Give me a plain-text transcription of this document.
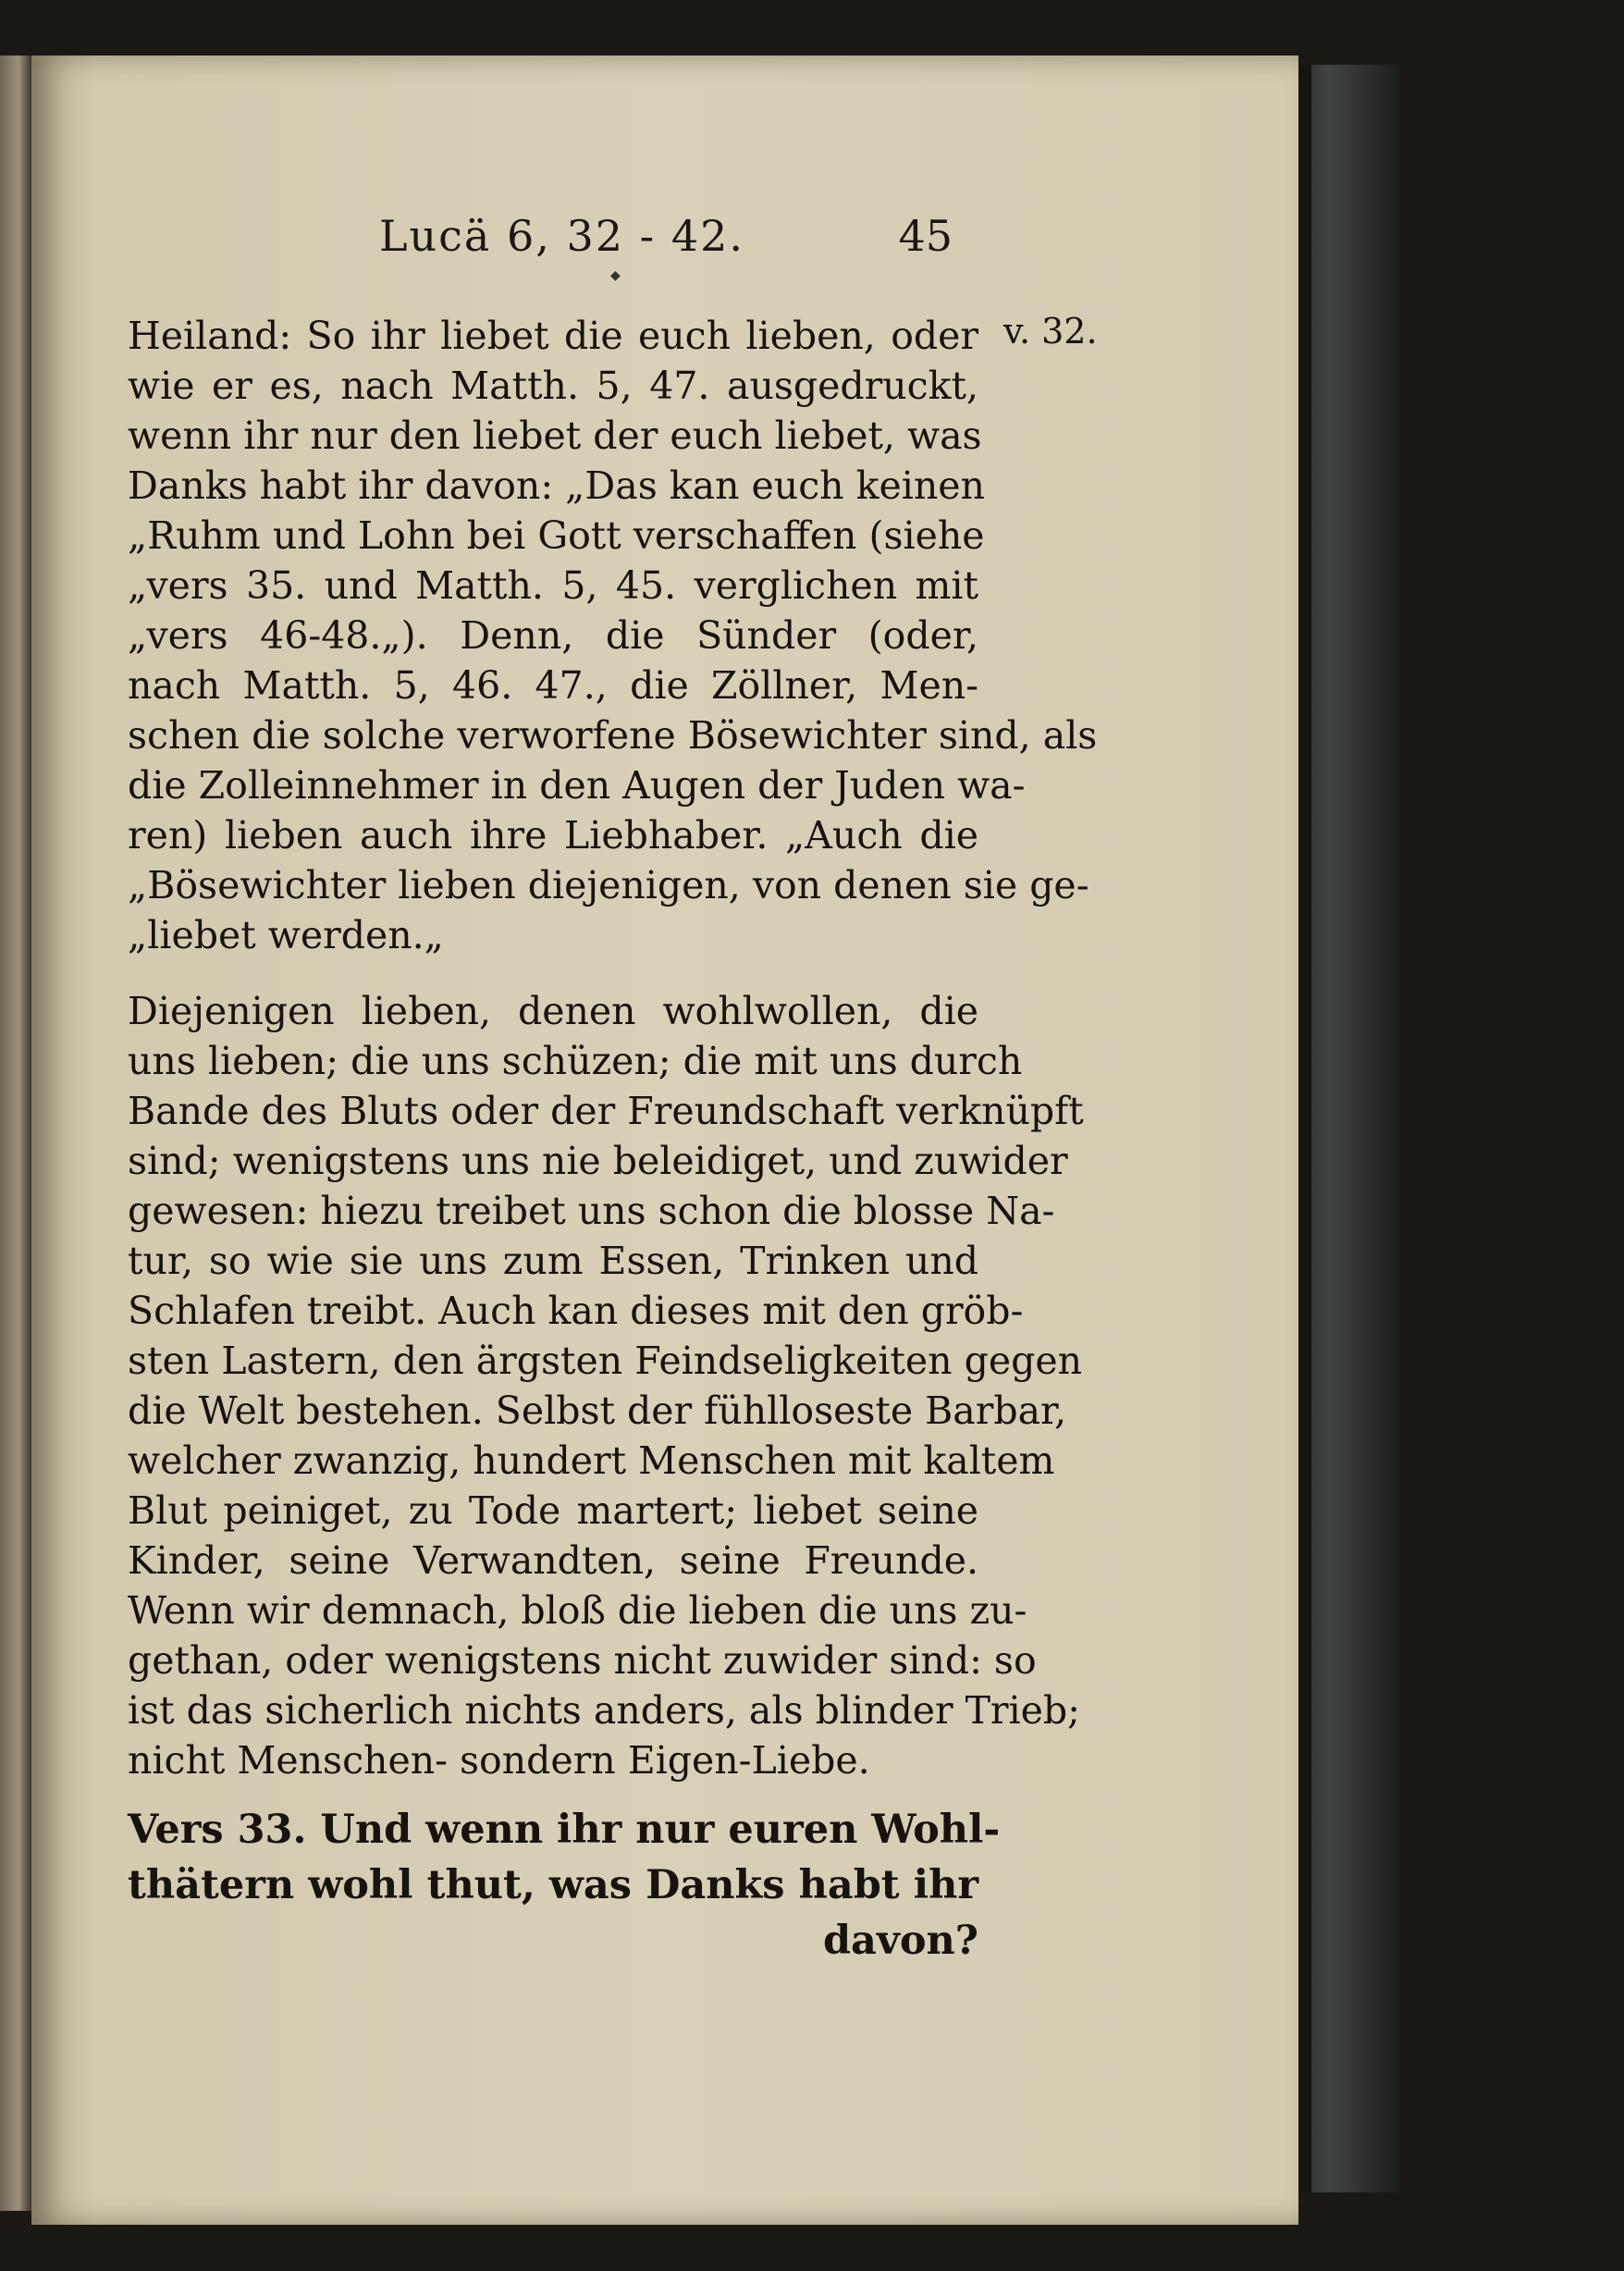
Lucä 6, 32 - 42.	45
◆
v. 32.
Heiland: So ihr liebet die euch lieben, oder
wie er es, nach Matth. 5, 47. ausgedruckt,
wenn ihr nur den liebet der euch liebet, was
Danks habt ihr davon: „Das kan euch keinen
„Ruhm und Lohn bei Gott verschaffen (siehe
„vers 35. und Matth. 5, 45. verglichen mit
„vers 46-48.„). Denn, die Sünder (oder,
nach Matth. 5, 46. 47., die Zöllner, Men-
schen die solche verworfene Bösewichter sind, als
die Zolleinnehmer in den Augen der Juden wa-
ren) lieben auch ihre Liebhaber. „Auch die
„Bösewichter lieben diejenigen, von denen sie ge-
„liebet werden.„
Diejenigen lieben, denen wohlwollen, die
uns lieben; die uns schüzen; die mit uns durch
Bande des Bluts oder der Freundschaft verknüpft
sind; wenigstens uns nie beleidiget, und zuwider
gewesen: hiezu treibet uns schon die blosse Na-
tur, so wie sie uns zum Essen, Trinken und
Schlafen treibt. Auch kan dieses mit den gröb-
sten Lastern, den ärgsten Feindseligkeiten gegen
die Welt bestehen. Selbst der fühlloseste Barbar,
welcher zwanzig, hundert Menschen mit kaltem
Blut peiniget, zu Tode martert; liebet seine
Kinder, seine Verwandten, seine Freunde.
Wenn wir demnach, bloß die lieben die uns zu-
gethan, oder wenigstens nicht zuwider sind: so
ist das sicherlich nichts anders, als blinder Trieb;
nicht Menschen- sondern Eigen-Liebe.
Vers 33. Und wenn ihr nur euren Wohl-
thätern wohl thut, was Danks habt ihr
davon?
